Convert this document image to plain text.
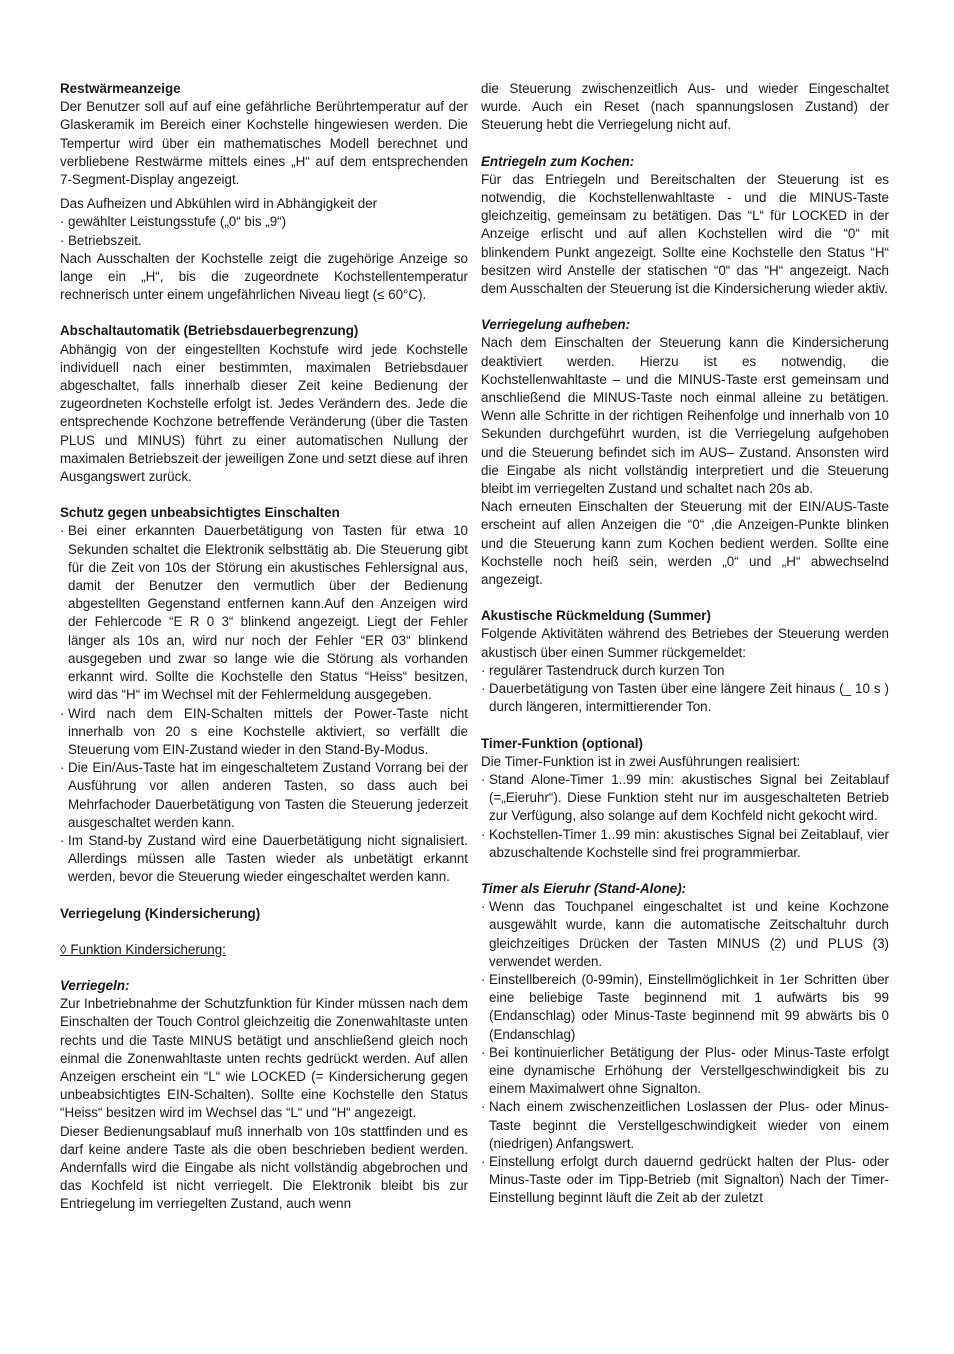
Restwärmeanzeige

Der Benutzer soll auf auf eine gefährliche Berührtemperatur auf der Glaskeramik im Bereich einer Kochstelle hingewiesen werden. Die Tempertur wird über ein mathematisches Modell berechnet und verbliebene Restwärme mittels eines „H“ auf dem entsprechenden 7-Segment-Display angezeigt.

Das Aufheizen und Abkühlen wird in Abhängigkeit der

· gewählter Leistungsstufe („0“ bis „9“)
· Betriebszeit.

Nach Ausschalten der Kochstelle zeigt die zugehörige Anzeige so lange ein „H“, bis die zugeordnete Kochstellentemperatur rechnerisch unter einem ungefährlichen Niveau liegt (≤ 60°C).

Abschaltautomatik (Betriebsdauerbegrenzung)

Abhängig von der eingestellten Kochstufe wird jede Kochstelle individuell nach einer bestimmten, maximalen Betriebsdauer abgeschaltet, falls innerhalb dieser Zeit keine Bedienung der zugeordneten Kochstelle erfolgt ist. Jedes Verändern des. Jede die entsprechende Kochzone betreffende Veränderung (über die Tasten PLUS und MINUS) führt zu einer automatischen Nullung der maximalen Betriebszeit der jeweiligen Zone und setzt diese auf ihren Ausgangswert zurück.

Schutz gegen unbeabsichtigtes Einschalten
· Bei einer erkannten Dauerbetätigung von Tasten für etwa 10 Sekunden schaltet die Elektronik selbsttätig ab. Die Steuerung gibt für die Zeit von 10s der Störung ein akustisches Fehlersignal aus, damit der Benutzer den vermutlich über der Bedienung abgestellten Gegenstand entfernen kann.Auf den Anzeigen wird der Fehlercode “E R 0 3“ blinkend angezeigt. Liegt der Fehler länger als 10s an, wird nur noch der Fehler “ER 03“ blinkend ausgegeben und zwar so lange wie die Störung als vorhanden erkannt wird. Sollte die Kochstelle den Status “Heiss“ besitzen, wird das “H“ im Wechsel mit der Fehlermeldung ausgegeben.
· Wird nach dem EIN-Schalten mittels der Power-Taste nicht innerhalb von 20 s eine Kochstelle aktiviert, so verfällt die Steuerung vom EIN-Zustand wieder in den Stand-By-Modus.
· Die Ein/Aus-Taste hat im eingeschaltetem Zustand Vorrang bei der Ausführung vor allen anderen Tasten, so dass auch bei Mehrfachoder Dauerbetätigung von Tasten die Steuerung jederzeit ausgeschaltet werden kann.
· Im Stand-by Zustand wird eine Dauerbetätigung nicht signalisiert. Allerdings müssen alle Tasten wieder als unbetätigt erkannt werden, bevor die Steuerung wieder eingeschaltet werden kann.
Verriegelung (Kindersicherung)

◊ Funktion Kindersicherung:

Verriegeln:

Zur Inbetriebnahme der Schutzfunktion für Kinder müssen nach dem Einschalten der Touch Control gleichzeitig die Zonenwahltaste unten rechts und die Taste MINUS betätigt und anschließend gleich noch einmal die Zonenwahltaste unten rechts gedrückt werden. Auf allen Anzeigen erscheint ein “L“ wie LOCKED (= Kindersicherung gegen unbeabsichtigtes EIN-Schalten). Sollte eine Kochstelle den Status “Heiss“ besitzen wird im Wechsel das “L“ und “H“ angezeigt.

Dieser Bedienungsablauf muß innerhalb von 10s stattfinden und es darf keine andere Taste als die oben beschrieben bedient werden. Andernfalls wird die Eingabe als nicht vollständig abgebrochen und das Kochfeld ist nicht verriegelt. Die Elektronik bleibt bis zur Entriegelung im verriegelten Zustand, auch wenn

die Steuerung zwischenzeitlich Aus- und wieder Eingeschaltet wurde. Auch ein Reset (nach spannungslosen Zustand) der Steuerung hebt die Verriegelung nicht auf.

Entriegeln zum Kochen:

Für das Entriegeln und Bereitschalten der Steuerung ist es notwendig, die Kochstellenwahltaste - und die MINUS-Taste gleichzeitig, gemeinsam zu betätigen. Das “L“ für LOCKED in der Anzeige erlischt und auf allen Kochstellen wird die “0“ mit blinkendem Punkt angezeigt. Sollte eine Kochstelle den Status “H“ besitzen wird Anstelle der statischen “0“ das “H“ angezeigt. Nach dem Ausschalten der Steuerung ist die Kindersicherung wieder aktiv.

Verriegelung aufheben:

Nach dem Einschalten der Steuerung kann die Kindersicherung deaktiviert werden. Hierzu ist es notwendig, die Kochstellenwahltaste – und die MINUS-Taste erst gemeinsam und anschließend die MINUS-Taste noch einmal alleine zu betätigen. Wenn alle Schritte in der richtigen Reihenfolge und innerhalb von 10 Sekunden durchgeführt wurden, ist die Verriegelung aufgehoben und die Steuerung befindet sich im AUS– Zustand. Ansonsten wird die Eingabe als nicht vollständig interpretiert und die Steuerung bleibt im verriegelten Zustand und schaltet nach 20s ab.

Nach erneuten Einschalten der Steuerung mit der EIN/AUS-Taste erscheint auf allen Anzeigen die “0“ ,die Anzeigen-Punkte blinken und die Steuerung kann zum Kochen bedient werden. Sollte eine Kochstelle noch heiß sein, werden „0“ und „H“ abwechselnd angezeigt.

Akustische Rückmeldung (Summer)

Folgende Aktivitäten während des Betriebes der Steuerung werden akustisch über einen Summer rückgemeldet:

· regulärer Tastendruck durch kurzen Ton
· Dauerbetätigung von Tasten über eine längere Zeit hinaus (_ 10 s ) durch längeren, intermittierender Ton.
Timer-Funktion (optional)

Die Timer-Funktion ist in zwei Ausführungen realisiert:

· Stand Alone-Timer 1..99 min: akustisches Signal bei Zeitablauf (=„Eieruhr“). Diese Funktion steht nur im ausgeschalteten Betrieb zur Verfügung, also solange auf dem Kochfeld nicht gekocht wird.
· Kochstellen-Timer 1..99 min: akustisches Signal bei Zeitablauf, vier abzuschaltende Kochstelle sind frei programmierbar.
Timer als Eieruhr (Stand-Alone):
· Wenn das Touchpanel eingeschaltet ist und keine Kochzone ausgewählt wurde, kann die automatische Zeitschaltuhr durch gleichzeitiges Drücken der Tasten MINUS (2) und PLUS (3) verwendet werden.
· Einstellbereich (0-99min), Einstellmöglichkeit in 1er Schritten über eine beliebige Taste beginnend mit 1 aufwärts bis 99 (Endanschlag) oder Minus-Taste beginnend mit 99 abwärts bis 0 (Endanschlag)
· Bei kontinuierlicher Betätigung der Plus- oder Minus-Taste erfolgt eine dynamische Erhöhung der Verstellgeschwindigkeit bis zu einem Maximalwert ohne Signalton.
· Nach einem zwischenzeitlichen Loslassen der Plus- oder Minus- Taste beginnt die Verstellgeschwindigkeit wieder von einem (niedrigen) Anfangswert.
· Einstellung erfolgt durch dauernd gedrückt halten der Plus- oder Minus-Taste oder im Tipp-Betrieb (mit Signalton) Nach der Timer-Einstellung beginnt läuft die Zeit ab der zuletzt
